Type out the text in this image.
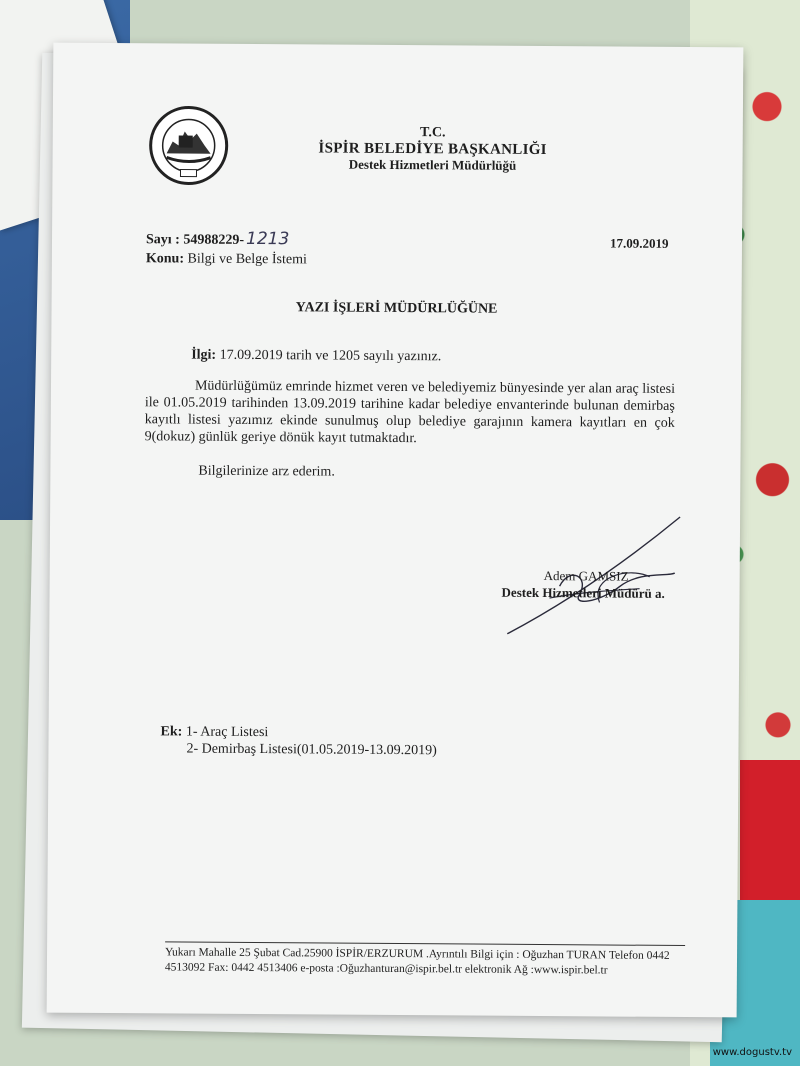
T.C.
İSPİR BELEDİYE BAŞKANLIĞI
Destek Hizmetleri Müdürlüğü
Sayı : 54988229- 1213
Konu: Bilgi ve Belge İstemi
17.09.2019
YAZI İŞLERİ MÜDÜRLÜĞÜNE
İlgi: 17.09.2019 tarih ve 1205 sayılı yazınız.
Müdürlüğümüz emrinde hizmet veren ve belediyemiz bünyesinde yer alan araç listesi ile 01.05.2019 tarihinden 13.09.2019 tarihine kadar belediye envanterinde bulunan demirbaş kayıtlı listesi yazımız ekinde sunulmuş olup belediye garajının kamera kayıtları en çok 9(dokuz) günlük geriye dönük kayıt tutmaktadır.
Bilgilerinize arz ederim.
Adem GAMSIZ
Destek Hizmetleri Müdürü a.
Ek: 1- Araç Listesi
2- Demirbaş Listesi(01.05.2019-13.09.2019)
Yukarı Mahalle 25 Şubat Cad.25900 İSPİR/ERZURUM .Ayrıntılı Bilgi için : Oğuzhan TURAN Telefon 0442
4513092 Fax: 0442 4513406 e-posta :Oğuzhanturan@ispir.bel.tr elektronik Ağ :www.ispir.bel.tr
www.dogustv.tv
